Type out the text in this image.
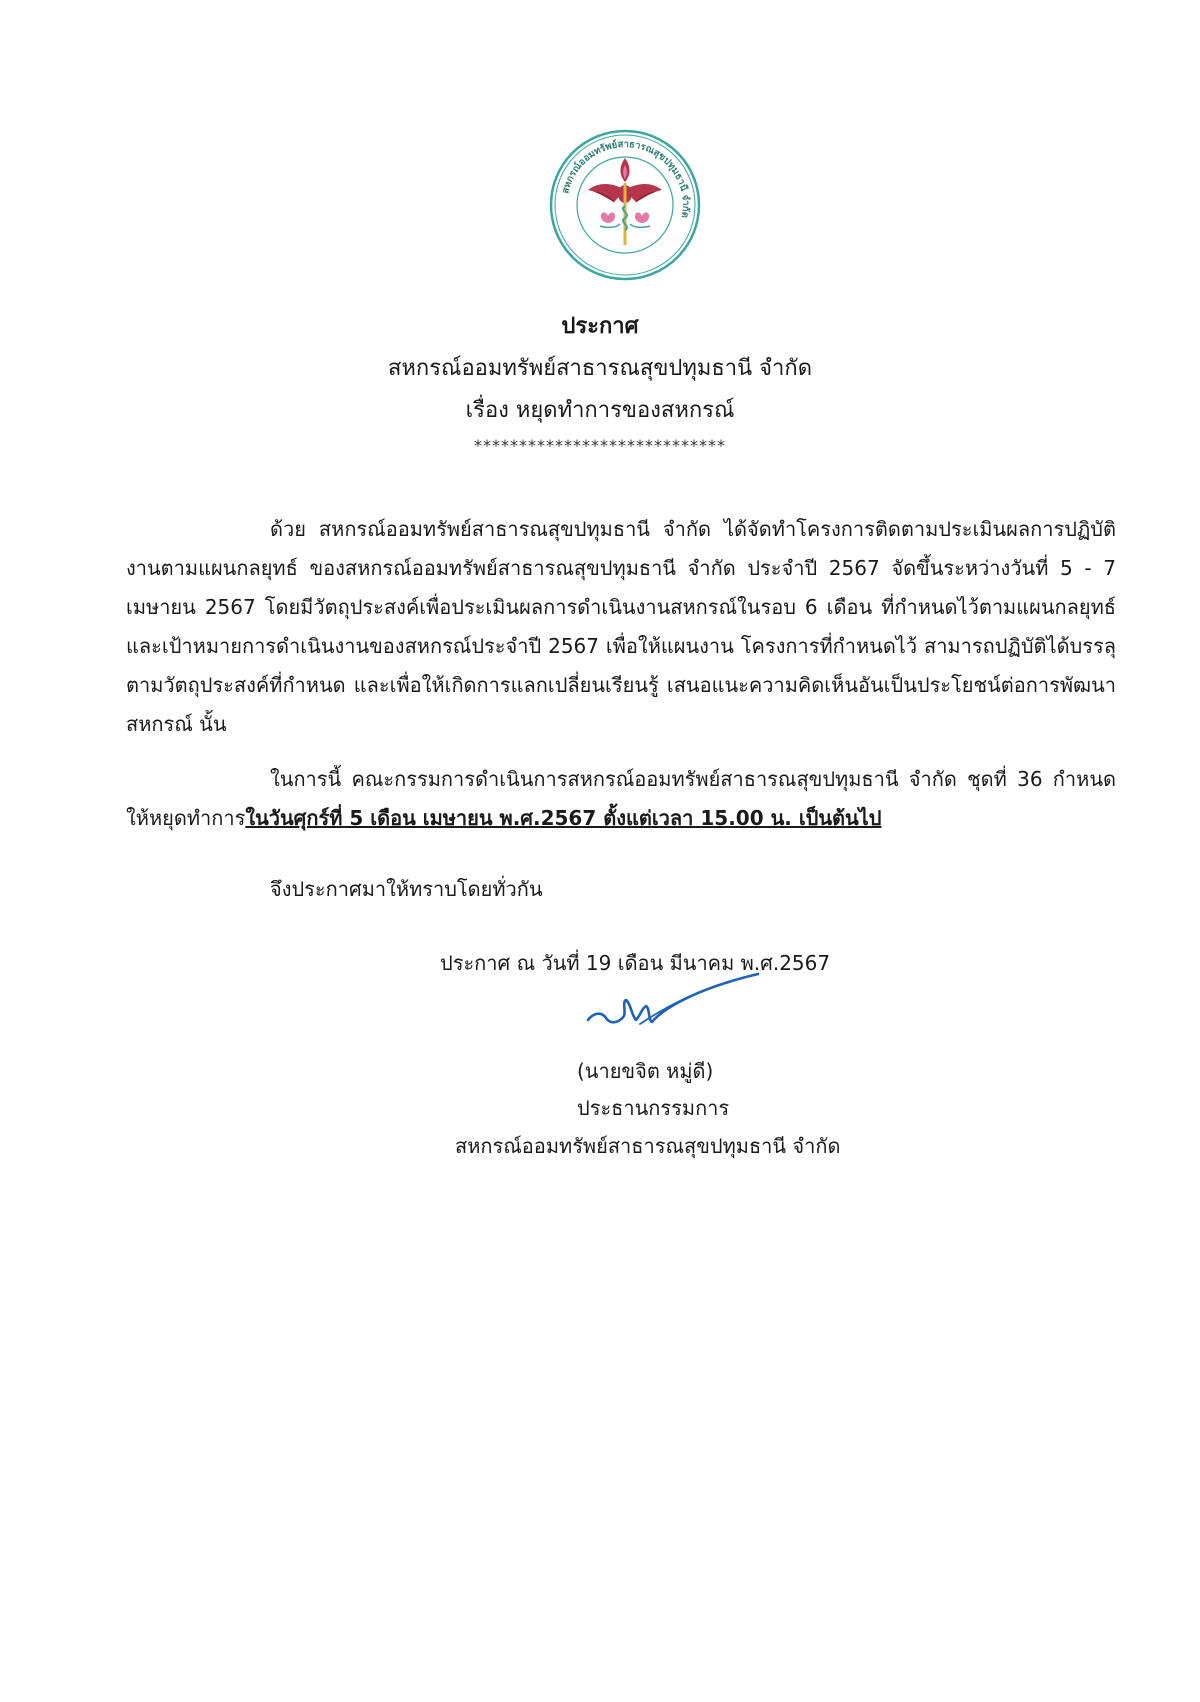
สหกรณ์ออมทรัพย์สาธารณสุขปทุมธานี จำกัด
ประกาศ
สหกรณ์ออมทรัพย์สาธารณสุขปทุมธานี จำกัด
เรื่อง หยุดทำการของสหกรณ์
****************************
ด้วย สหกรณ์ออมทรัพย์สาธารณสุขปทุมธานี จำกัด ได้จัดทำโครงการติดตามประเมินผลการปฏิบัติงานตามแผนกลยุทธ์ ของสหกรณ์ออมทรัพย์สาธารณสุขปทุมธานี จำกัด ประจำปี 2567 จัดขึ้นระหว่างวันที่ 5 - 7 เมษายน 2567 โดยมีวัตถุประสงค์เพื่อประเมินผลการดำเนินงานสหกรณ์ในรอบ 6 เดือน ที่กำหนดไว้ตามแผนกลยุทธ์ และเป้าหมายการดำเนินงานของสหกรณ์ประจำปี 2567 เพื่อให้แผนงาน โครงการที่กำหนดไว้ สามารถปฏิบัติได้บรรลุตามวัตถุประสงค์ที่กำหนด และเพื่อให้เกิดการแลกเปลี่ยนเรียนรู้ เสนอแนะความคิดเห็นอันเป็นประโยชน์ต่อการพัฒนาสหกรณ์ นั้น
ในการนี้ คณะกรรมการดำเนินการสหกรณ์ออมทรัพย์สาธารณสุขปทุมธานี จำกัด ชุดที่ 36 กำหนดให้หยุดทำการในวันศุกร์ที่ 5 เดือน เมษายน พ.ศ.2567 ตั้งแต่เวลา 15.00 น. เป็นต้นไป
จึงประกาศมาให้ทราบโดยทั่วกัน
ประกาศ ณ วันที่ 19 เดือน มีนาคม พ.ศ.2567
(นายขจิต หมู่ดี)
ประธานกรรมการ
สหกรณ์ออมทรัพย์สาธารณสุขปทุมธานี จำกัด
